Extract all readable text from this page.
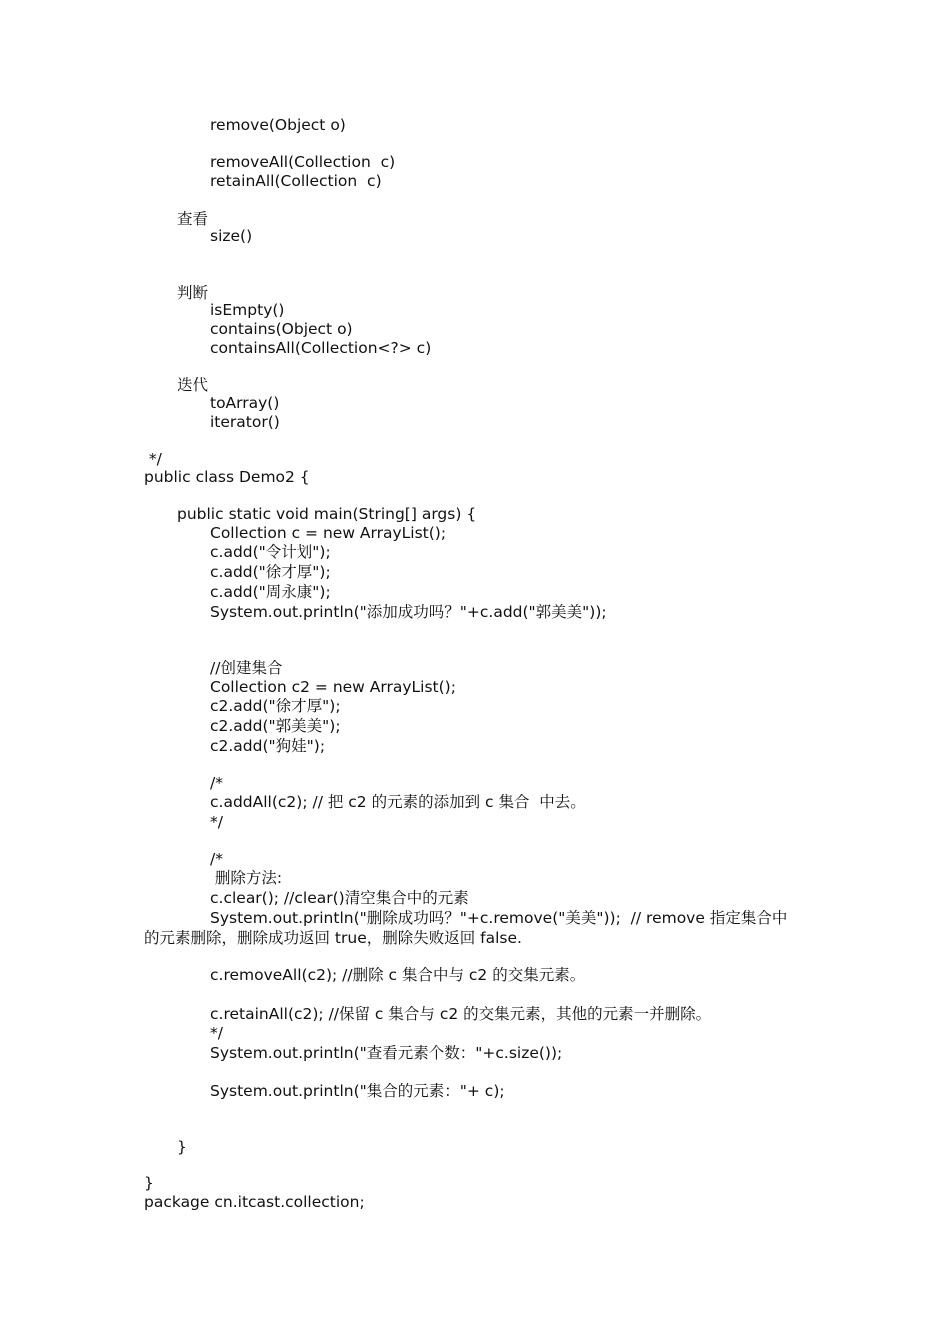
remove(Object o)

removeAll(Collection  c)

retainAll(Collection  c)

查看

size()

判断

isEmpty()

contains(Object o)

containsAll(Collection<?> c)

迭代

toArray()

iterator()

*/

public class Demo2 {

public static void main(String[] args) {

Collection c = new ArrayList();

c.add("令计划");

c.add("徐才厚");

c.add("周永康");

System.out.println("添加成功吗？"+c.add("郭美美"));

//创建集合

Collection c2 = new ArrayList();

c2.add("徐才厚");

c2.add("郭美美");

c2.add("狗娃");

/*

c.addAll(c2); // 把 c2 的元素的添加到 c 集合  中去。

*/

/*

删除方法:

c.clear(); //clear()清空集合中的元素

System.out.println("删除成功吗？"+c.remove("美美"));  // remove 指定集合中

的元素删除，删除成功返回 true，删除失败返回 false.

c.removeAll(c2); //删除 c 集合中与 c2 的交集元素。

c.retainAll(c2); //保留 c 集合与 c2 的交集元素，其他的元素一并删除。

*/

System.out.println("查看元素个数："+c.size());

System.out.println("集合的元素："+ c);

}

}

package cn.itcast.collection;
